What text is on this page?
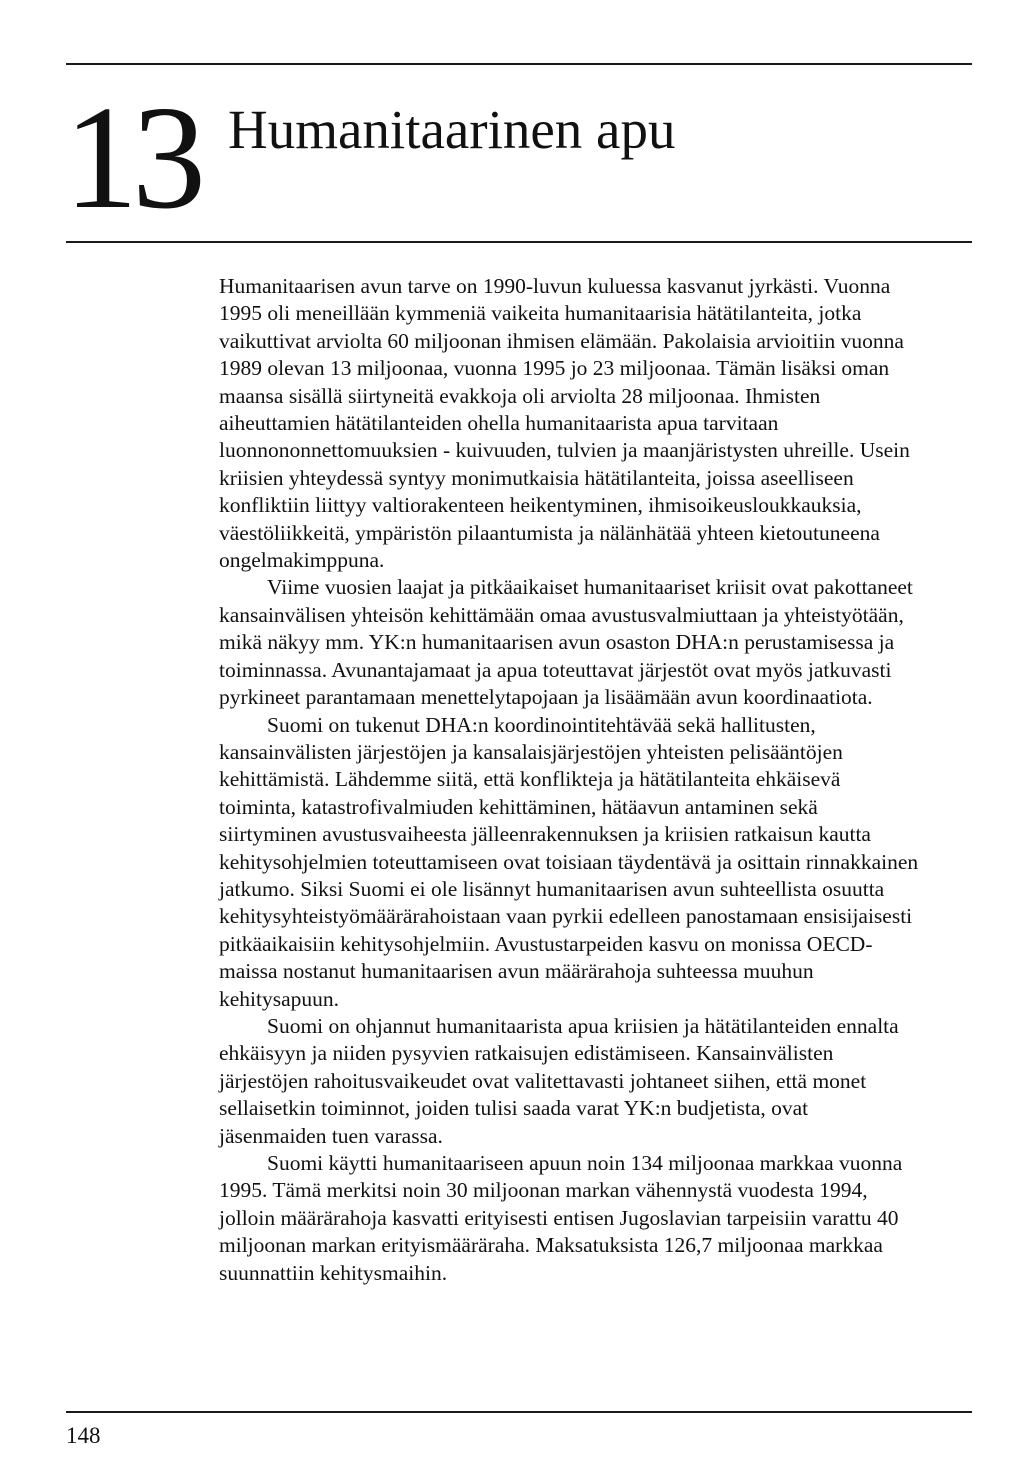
13 Humanitaarinen apu

Humanitaarisen avun tarve on 1990-luvun kuluessa kasvanut jyrkästi. Vuonna 1995 oli meneillään kymmeniä vaikeita humanitaarisia hätätilanteita, jotka vaikuttivat arviolta 60 miljoonan ihmisen elämään. Pakolaisia arvioitiin vuonna 1989 olevan 13 miljoonaa, vuonna 1995 jo 23 miljoonaa. Tämän lisäksi oman maansa sisällä siirtyneitä evakkoja oli arviolta 28 miljoonaa. Ihmisten aiheuttamien hätätilanteiden ohella humanitaarista apua tarvitaan luonnononnettomuuksien - kuivuuden, tulvien ja maanjäristysten uhreille. Usein kriisien yhteydessä syntyy monimutkaisia hätätilanteita, joissa aseelliseen konfliktiin liittyy valtiorakenteen heikentyminen, ihmisoikeusloukkauksia, väestöliikkeitä, ympäristön pilaantumista ja nälänhätää yhteen kietoutuneena ongelmakimppuna.

Viime vuosien laajat ja pitkäaikaiset humanitaariset kriisit ovat pakottaneet kansainvälisen yhteisön kehittämään omaa avustusvalmiuttaan ja yhteistyötään, mikä näkyy mm. YK:n humanitaarisen avun osaston DHA:n perustamisessa ja toiminnassa. Avunantajamaat ja apua toteuttavat järjestöt ovat myös jatkuvasti pyrkineet parantamaan menettelytapojaan ja lisäämään avun koordinaatiota.

Suomi on tukenut DHA:n koordinointitehtävää sekä hallitusten, kansainvälisten järjestöjen ja kansalaisjärjestöjen yhteisten pelisääntöjen kehittämistä. Lähdemme siitä, että konflikteja ja hätätilanteita ehkäisevä toiminta, katastrofivalmiuden kehittäminen, hätäavun antaminen sekä siirtyminen avustusvaiheesta jälleenrakennuksen ja kriisien ratkaisun kautta kehitysohjelmien toteuttamiseen ovat toisiaan täydentävä ja osittain rinnakkainen jatkumo. Siksi Suomi ei ole lisännyt humanitaarisen avun suhteellista osuutta kehitysyhteistyömäärärahoistaan vaan pyrkii edelleen panostamaan ensisijaisesti pitkäaikaisiin kehitysohjelmiin. Avustustarpeiden kasvu on monissa OECD-maissa nostanut humanitaarisen avun määrärahoja suhteessa muuhun kehitysapuun.

Suomi on ohjannut humanitaarista apua kriisien ja hätätilanteiden ennalta ehkäisyyn ja niiden pysyvien ratkaisujen edistämiseen. Kansainvälisten järjestöjen rahoitusvaikeudet ovat valitettavasti johtaneet siihen, että monet sellaisetkin toiminnot, joiden tulisi saada varat YK:n budjetista, ovat jäsenmaiden tuen varassa.

Suomi käytti humanitaariseen apuun noin 134 miljoonaa markkaa vuonna 1995. Tämä merkitsi noin 30 miljoonan markan vähennystä vuodesta 1994, jolloin määrärahoja kasvatti erityisesti entisen Jugoslavian tarpeisiin varattu 40 miljoonan markan erityismääräraha. Maksatuksista 126,7 miljoonaa markkaa suunnattiin kehitysmaihin.

148
